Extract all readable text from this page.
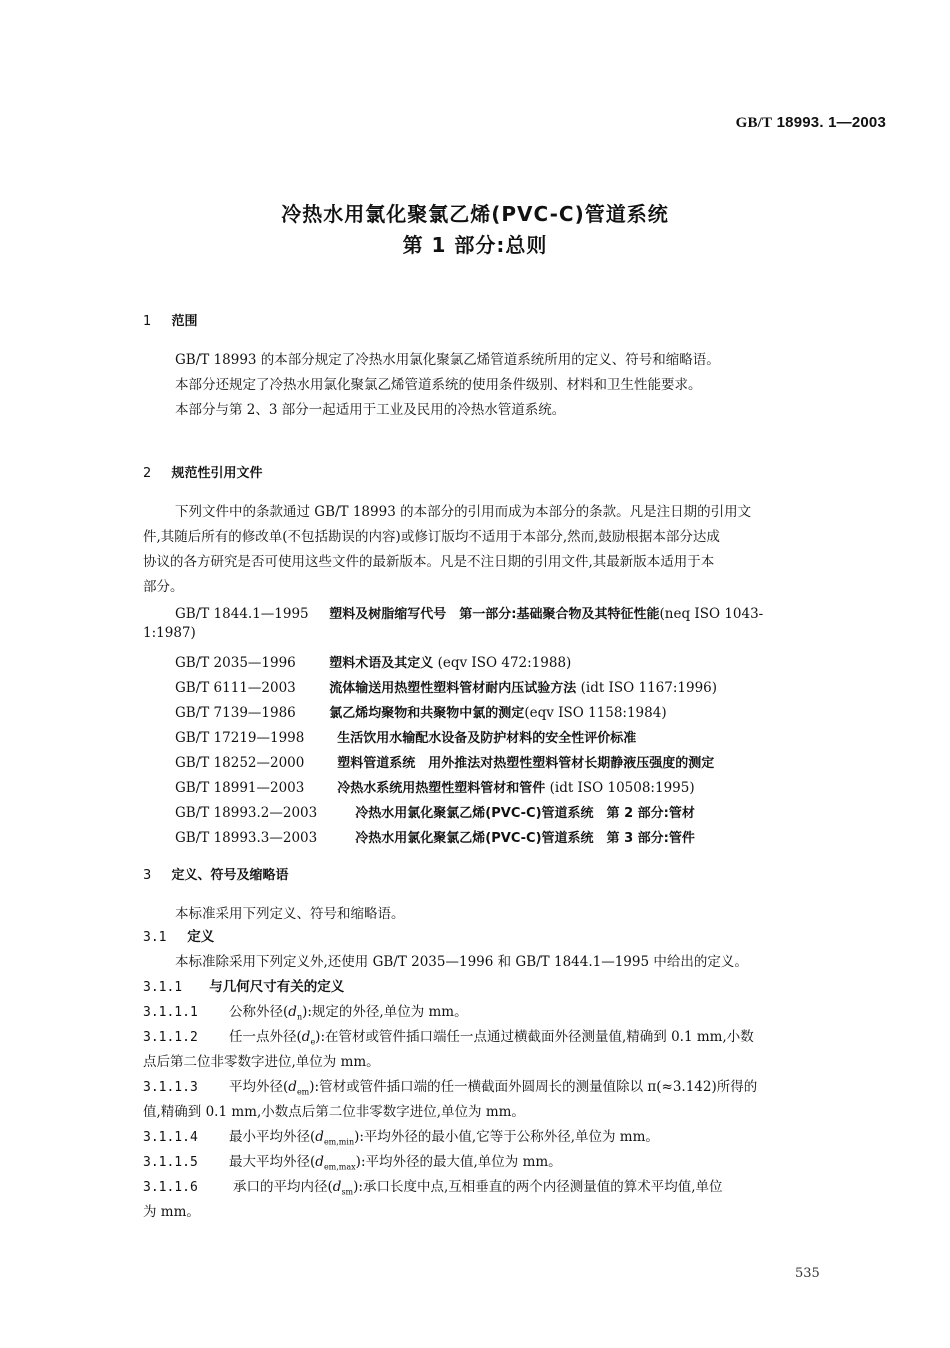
GB/T 18993. 1—2003
冷热水用氯化聚氯乙烯(PVC-C)管道系统
第 1 部分:总则
1 范围
GB/T 18993 的本部分规定了冷热水用氯化聚氯乙烯管道系统所用的定义、符号和缩略语。
本部分还规定了冷热水用氯化聚氯乙烯管道系统的使用条件级别、材料和卫生性能要求。
本部分与第 2、3 部分一起适用于工业及民用的冷热水管道系统。
2 规范性引用文件
下列文件中的条款通过 GB/T 18993 的本部分的引用而成为本部分的条款。凡是注日期的引用文
件,其随后所有的修改单(不包括勘误的内容)或修订版均不适用于本部分,然而,鼓励根据本部分达成
协议的各方研究是否可使用这些文件的最新版本。凡是不注日期的引用文件,其最新版本适用于本
部分。
GB/T 1844.1—1995 塑料及树脂缩写代号　第一部分:基础聚合物及其特征性能(neq ISO 1043-
1:1987)
GB/T 2035—1996	塑料术语及其定义 (eqv ISO 472:1988)
GB/T 6111—2003	流体输送用热塑性塑料管材耐内压试验方法 (idt ISO 1167:1996)
GB/T 7139—1986	氯乙烯均聚物和共聚物中氯的测定(eqv ISO 1158:1984)
GB/T 17219—1998	生活饮用水输配水设备及防护材料的安全性评价标准
GB/T 18252—2000	塑料管道系统　用外推法对热塑性塑料管材长期静液压强度的测定
GB/T 18991—2003	冷热水系统用热塑性塑料管材和管件 (idt ISO 10508:1995)
GB/T 18993.2—2003	冷热水用氯化聚氯乙烯(PVC-C)管道系统　第 2 部分:管材
GB/T 18993.3—2003	冷热水用氯化聚氯乙烯(PVC-C)管道系统　第 3 部分:管件
3 定义、符号及缩略语
本标准采用下列定义、符号和缩略语。
3.1 定义
本标准除采用下列定义外,还使用 GB/T 2035—1996 和 GB/T 1844.1—1995 中给出的定义。
3.1.1 与几何尺寸有关的定义
3.1.1.1 公称外径$(d_n)$:规定的外径,单位为 mm。
3.1.1.2 任一点外径$(d_e)$:在管材或管件插口端任一点通过横截面外径测量值,精确到 0.1 mm,小数
点后第二位非零数字进位,单位为 mm。
3.1.1.3 平均外径$(d_{em})$:管材或管件插口端的任一横截面外圆周长的测量值除以 π(≈3.142)所得的
值,精确到 0.1 mm,小数点后第二位非零数字进位,单位为 mm。
3.1.1.4 最小平均外径$(d_{em,min})$:平均外径的最小值,它等于公称外径,单位为 mm。
3.1.1.5 最大平均外径$(d_{em,max})$:平均外径的最大值,单位为 mm。
3.1.1.6	承口的平均内径$(d_{sm})$:承口长度中点,互相垂直的两个内径测量值的算术平均值,单位
为 mm。
535
